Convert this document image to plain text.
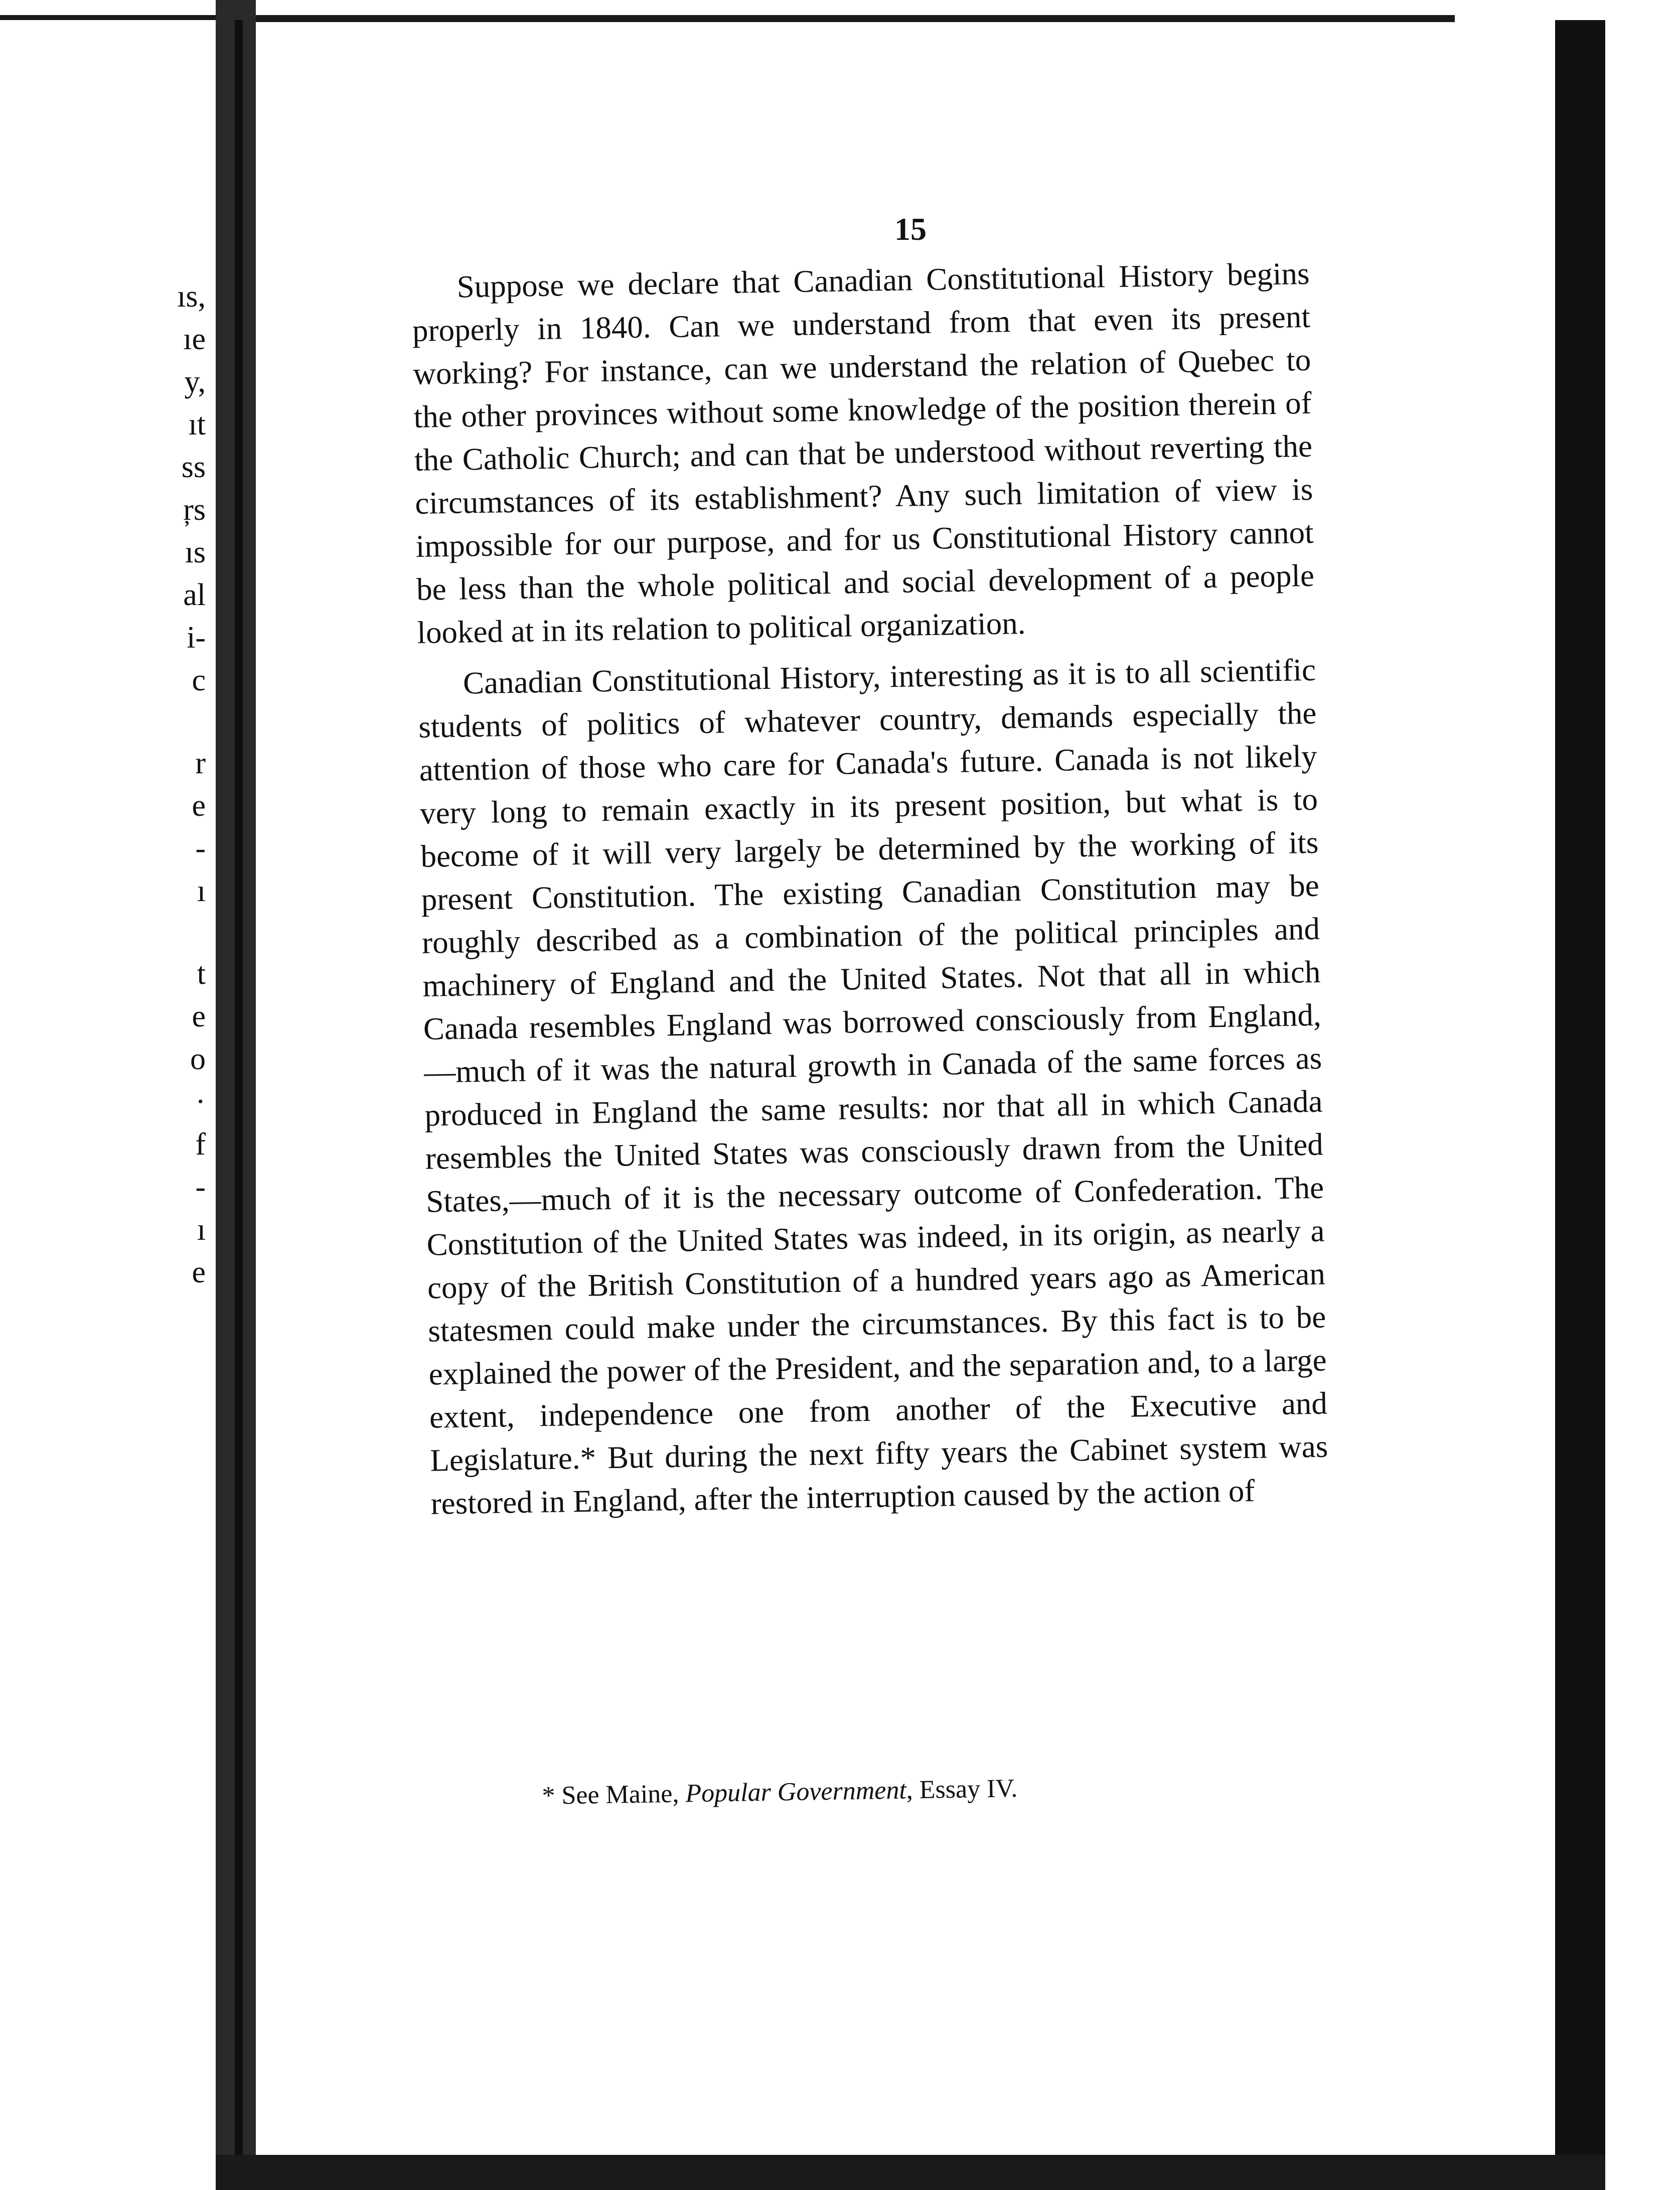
ıs,
ıe
y,
ıt
ss
ŗs
ıs
al
i-
c
r
e
-
ı
t
e
o
·
f
-
ı
e
15

Suppose we declare that Canadian Constitutional History begins properly in 1840. Can we understand from that even its present working? For instance, can we understand the relation of Quebec to the other provinces without some knowledge of the position therein of the Catholic Church; and can that be understood without reverting the circumstances of its establishment? Any such limitation of view is impossible for our purpose, and for us Constitutional History cannot be less than the whole political and social development of a people looked at in its relation to political organization.

Canadian Constitutional History, interesting as it is to all scientific students of politics of whatever country, demands especially the attention of those who care for Canada's future. Canada is not likely very long to remain exactly in its present position, but what is to become of it will very largely be determined by the working of its present Constitution. The existing Canadian Constitution may be roughly described as a combination of the political principles and machinery of England and the United States. Not that all in which Canada resembles England was borrowed consciously from England,—much of it was the natural growth in Canada of the same forces as produced in England the same results: nor that all in which Canada resembles the United States was consciously drawn from the United States,—much of it is the necessary outcome of Confederation. The Constitution of the United States was indeed, in its origin, as nearly a copy of the British Constitution of a hundred years ago as American statesmen could make under the circumstances. By this fact is to be explained the power of the President, and the separation and, to a large extent, independence one from another of the Executive and Legislature.* But during the next fifty years the Cabinet system was restored in England, after the interruption caused by the action of

* See Maine, Popular Government, Essay IV.
